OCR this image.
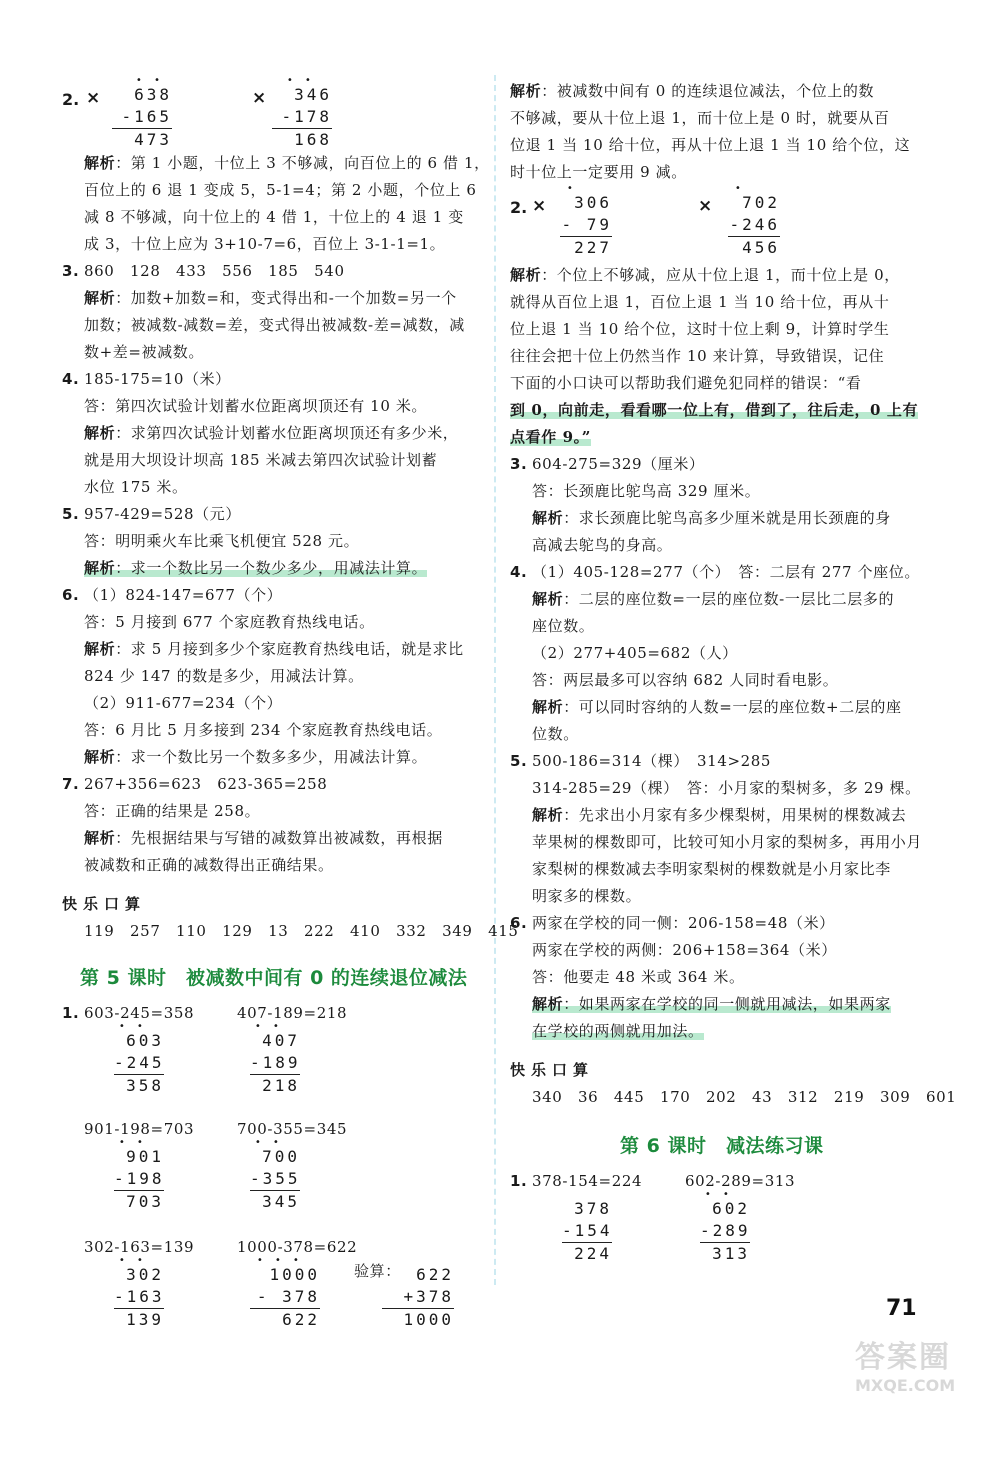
2. ×
• •
638
-165
473
×
• •
346
-178
168
解析：第 1 小题，十位上 3 不够减，向百位上的 6 借 1，
百位上的 6 退 1 变成 5，5-1=4；第 2 小题，个位上 6
减 8 不够减，向十位上的 4 借 1，十位上的 4 退 1 变
成 3，十位上应为 3+10-7=6，百位上 3-1-1=1。
3. 860　128　433　556　185　540
解析：加数+加数=和，变式得出和-一个加数=另一个
加数；被减数-减数=差，变式得出被减数-差=减数，减
数+差=被减数。
4. 185-175=10（米）
答：第四次试验计划蓄水位距离坝顶还有 10 米。
解析：求第四次试验计划蓄水位距离坝顶还有多少米，
就是用大坝设计坝高 185 米减去第四次试验计划蓄
水位 175 米。
5. 957-429=528（元）
答：明明乘火车比乘飞机便宜 528 元。
解析：求一个数比另一个数少多少，用减法计算。
6. （1）824-147=677（个）
答：5 月接到 677 个家庭教育热线电话。
解析：求 5 月接到多少个家庭教育热线电话，就是求比
824 少 147 的数是多少，用减法计算。
（2）911-677=234（个）
答：6 月比 5 月多接到 234 个家庭教育热线电话。
解析：求一个数比另一个数多多少，用减法计算。
7. 267+356=623　623-365=258
答：正确的结果是 258。
解析：先根据结果与写错的减数算出被减数，再根据
被减数和正确的减数得出正确结果。
快乐口算
119　257　110　129　13　222　410　332　349　415
第 5 课时　被减数中间有 0 的连续退位减法
1. 603-245=358	407-189=218
• •
603
-245
358
• •
407
-189
218
901-198=703	700-355=345
• •
901
-198
703
• •
700
-355
345
302-163=139	1000-378=622
• •
302
-163
139
• • •
1000
- 378
622
验算：
622
+378
1000
解析：被减数中间有 0 的连续退位减法，个位上的数
不够减，要从十位上退 1，而十位上是 0 时，就要从百
位退 1 当 10 给十位，再从十位上退 1 当 10 给个位，这
时十位上一定要用 9 减。
2. ×
•
306
- 79
227
×
•
702
-246
456
解析：个位上不够减，应从十位上退 1，而十位上是 0，
就得从百位上退 1，百位上退 1 当 10 给十位，再从十
位上退 1 当 10 给个位，这时十位上剩 9，计算时学生
往往会把十位上仍然当作 10 来计算，导致错误，记住
下面的小口诀可以帮助我们避免犯同样的错误：“看
到 0，向前走，看看哪一位上有，借到了，往后走，0 上有
点看作 9。”
3. 604-275=329（厘米）
答：长颈鹿比鸵鸟高 329 厘米。
解析：求长颈鹿比鸵鸟高多少厘米就是用长颈鹿的身
高减去鸵鸟的身高。
4. （1）405-128=277（个）　答：二层有 277 个座位。
解析：二层的座位数=一层的座位数-一层比二层多的
座位数。
（2）277+405=682（人）
答：两层最多可以容纳 682 人同时看电影。
解析：可以同时容纳的人数=一层的座位数+二层的座
位数。
5. 500-186=314（棵）　314>285
314-285=29（棵）　答：小月家的梨树多，多 29 棵。
解析：先求出小月家有多少棵梨树，用果树的棵数减去
苹果树的棵数即可，比较可知小月家的梨树多，再用小月
家梨树的棵数减去李明家梨树的棵数就是小月家比李
明家多的棵数。
6. 两家在学校的同一侧：206-158=48（米）
两家在学校的两侧：206+158=364（米）
答：他要走 48 米或 364 米。
解析：如果两家在学校的同一侧就用减法，如果两家
在学校的两侧就用加法。
快乐口算
340　36　445　170　202　43　312　219　309　601
第 6 课时　减法练习课
1. 378-154=224	602-289=313

378
-154
224
• •
602
-289
313
71
答案圈
MXQE.COM
